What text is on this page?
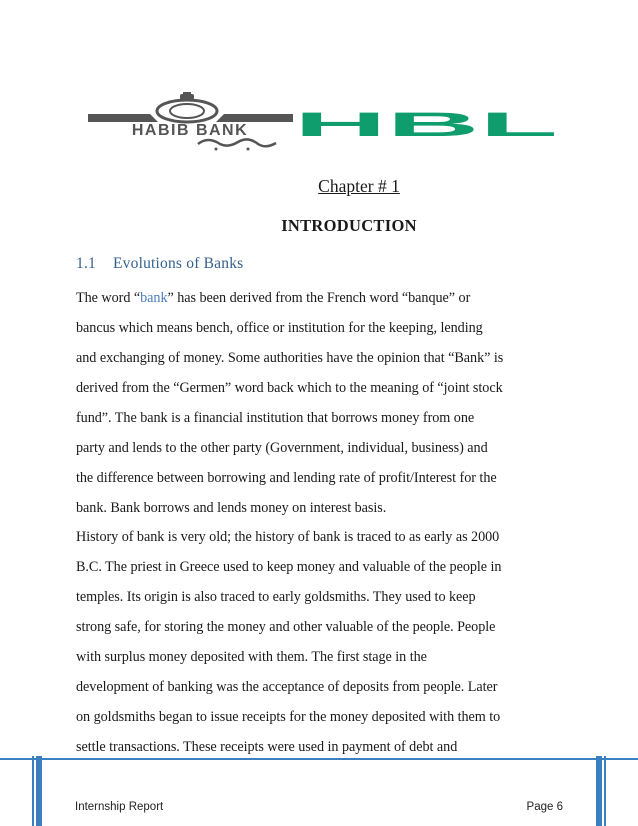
HABIB BANK HBL
Chapter # 1
INTRODUCTION
1.1 Evolutions of Banks
The word “bank” has been derived from the French word “banque” or
bancus which means bench, office or institution for the keeping, lending
and exchanging of money. Some authorities have the opinion that “Bank” is
derived from the “Germen” word back which to the meaning of “joint stock
fund”. The bank is a financial institution that borrows money from one
party and lends to the other party (Government, individual, business) and
the difference between borrowing and lending rate of profit/Interest for the
bank. Bank borrows and lends money on interest basis.
History of bank is very old; the history of bank is traced to as early as 2000
B.C. The priest in Greece used to keep money and valuable of the people in
temples. Its origin is also traced to early goldsmiths. They used to keep
strong safe, for storing the money and other valuable of the people. People
with surplus money deposited with them. The first stage in the
development of banking was the acceptance of deposits from people. Later
on goldsmiths began to issue receipts for the money deposited with them to
settle transactions. These receipts were used in payment of debt and
Internship Report	Page 6
